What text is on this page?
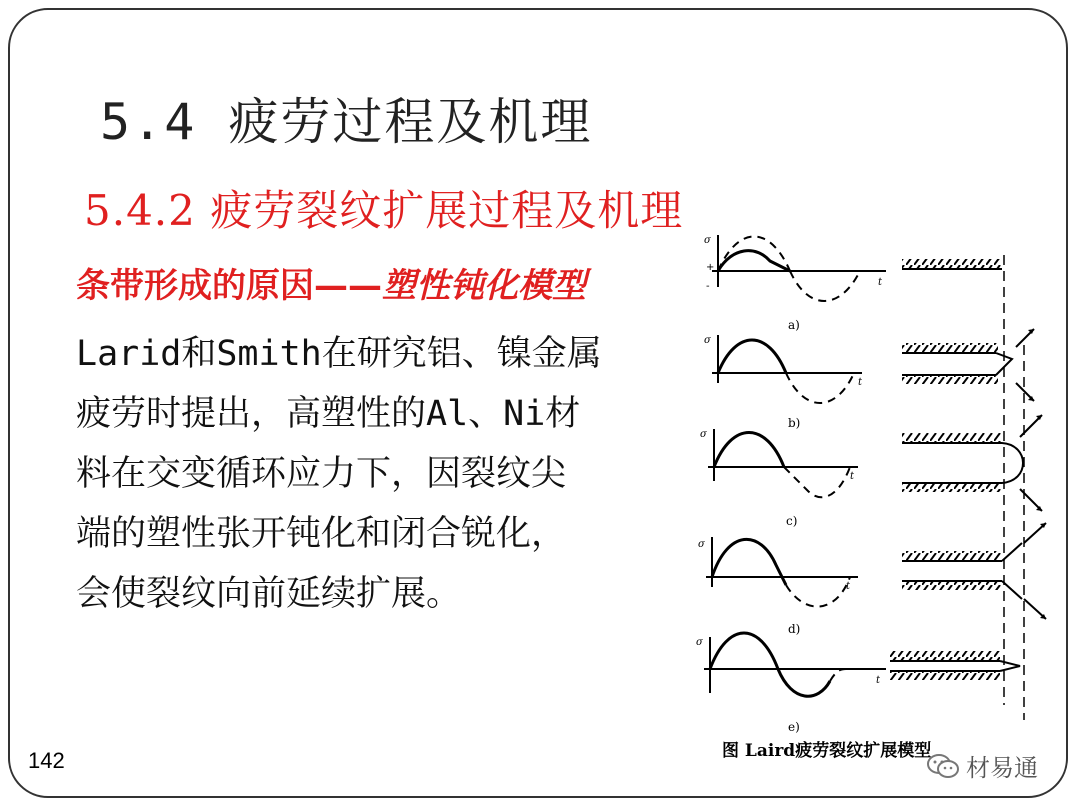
5.4 疲劳过程及机理
5.4.2 疲劳裂纹扩展过程及机理
条带形成的原因——塑性钝化模型
Larid和Smith在研究铝、镍金属
疲劳时提出，高塑性的Al、Ni材
料在交变循环应力下，因裂纹尖
端的塑性张开钝化和闭合锐化，
会使裂纹向前延续扩展。
σ
+
-	t
a)
σ
t
b)
σ
t
c)
σ
t
d)
σ
t
e)
图 Laird疲劳裂纹扩展模型
142	材易通
